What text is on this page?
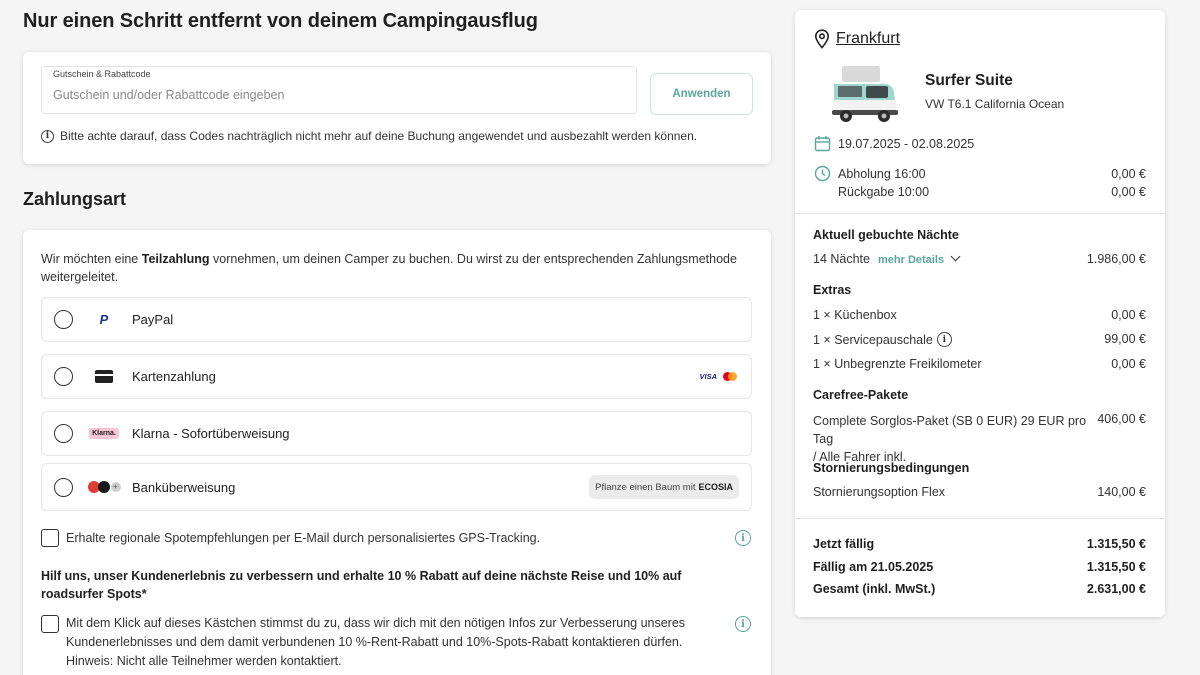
Nur einen Schritt entfernt von deinem Campingausflug
Gutschein & Rabattcode
Gutschein und/oder Rabattcode eingeben
Anwenden
i Bitte achte darauf, dass Codes nachträglich nicht mehr auf deine Buchung angewendet und ausbezahlt werden können.
Zahlungsart
Wir möchten eine Teilzahlung vornehmen, um deinen Camper zu buchen. Du wirst zu der entsprechenden Zahlungsmethode weitergeleitet.
P PayPal
Kartenzahlung	VISA
Klarna. Klarna - Sofortüberweisung
+ Banküberweisung	Pflanze einen Baum mit ECOSIA
Erhalte regionale Spotempfehlungen per E-Mail durch personalisiertes GPS-Tracking.	i
Hilf uns, unser Kundenerlebnis zu verbessern und erhalte 10 % Rabatt auf deine nächste Reise und 10% auf roadsurfer Spots*
Mit dem Klick auf dieses Kästchen stimmst du zu, dass wir dich mit den nötigen Infos zur Verbesserung unseres Kundenerlebnisses und dem damit verbundenen 10 %-Rent-Rabatt und 10%-Spots-Rabatt kontaktieren dürfen. Hinweis: Nicht alle Teilnehmer werden kontaktiert.
i
Frankfurt
Surfer Suite
VW T6.1 California Ocean
19.07.2025 - 02.08.2025
Abholung 16:00	0,00 €
Rückgabe 10:00	0,00 €
Aktuell gebuchte Nächte
14 Nächte mehr Details	1.986,00 €
Extras
1 × Küchenbox	0,00 €
1 × Servicepauschale	i	99,00 €
1 × Unbegrenzte Freikilometer	0,00 €
Carefree-Pakete
Complete Sorglos-Paket (SB 0 EUR) 29 EUR pro Tag
/ Alle Fahrer inkl.
406,00 €
Stornierungsbedingungen
Stornierungsoption Flex	140,00 €
Jetzt fällig	1.315,50 €
Fällig am 21.05.2025	1.315,50 €
Gesamt (inkl. MwSt.)	2.631,00 €
